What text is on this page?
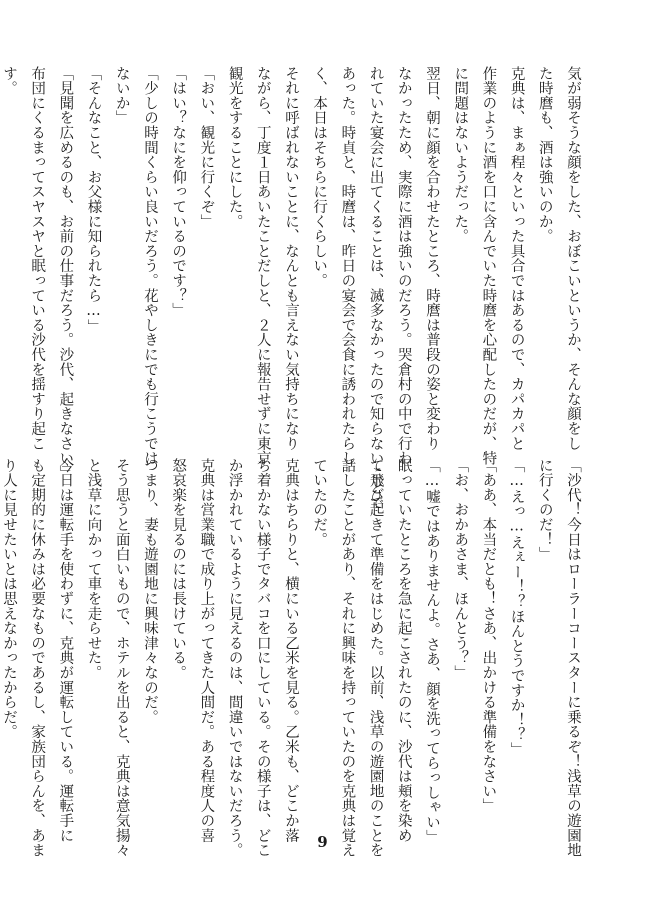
気が弱そうな顔をした、おぼこいというか、そんな顔をし
た時麿も、酒は強いのか。
克典は、まぁ程々といった具合ではあるので、カパカパと
作業のように酒を口に含んでいた時麿を心配したのだが、特
に問題はないようだった。
翌日、朝に顔を合わせたところ、時麿は普段の姿と変わり
なかったため、実際に酒は強いのだろう。哭倉村の中で行わ
れていた宴会に出てくることは、滅多なかったので知らないことで
あった。時貞と、時麿は、昨日の宴会で会食に誘われたらし
く、本日はそちらに行くらしい。
それに呼ばれないことに、なんとも言えない気持ちになり
ながら、丁度１日あいたことだしと、２人に報告せずに東京
観光をすることにした。
「おい、観光に行くぞ」
「はい？なにを仰っているのです？」
「少しの時間くらい良いだろう。花やしきにでも行こうでは
ないか」
「そんなこと、お父様に知られたら…」
「見聞を広めるのも、お前の仕事だろう。沙代、起きなさい」
布団にくるまってスヤスヤと眠っている沙代を揺すり起こ
す。
「沙代！今日はローラーコースターに乗るぞ！浅草の遊園地
に行くのだ！」
「…えっ…えぇー！？ほんとうですか！？」
「ああ、本当だとも！さあ、出かける準備をなさい」
「お、おかあさま、ほんとう？」
「…嘘ではありませんよ。さあ、顔を洗ってらっしゃい」
眠っていたところを急に起こされたのに、沙代は頬を染め
て飛び起きて準備をはじめた。以前、浅草の遊園地のことを
話したことがあり、それに興味を持っていたのを克典は覚え
ていたのだ。
克典はちらりと、横にいる乙米を見る。乙米も、どこか落
ち着かない様子でタバコを口にしている。その様子は、どこ
か浮かれているように見えるのは、間違いではないだろう。
克典は営業職で成り上がってきた人間だ。ある程度人の喜
怒哀楽を見るのには長けている。
つまり、妻も遊園地に興味津々なのだ。
そう思うと面白いもので、ホテルを出ると、克典は意気揚々
と浅草に向かって車を走らせた。
今日は運転手を使わずに、克典が運転している。運転手に
も定期的に休みは必要なものであるし、家族団らんを、あま
り人に見せたいとは思えなかったからだ。
9
